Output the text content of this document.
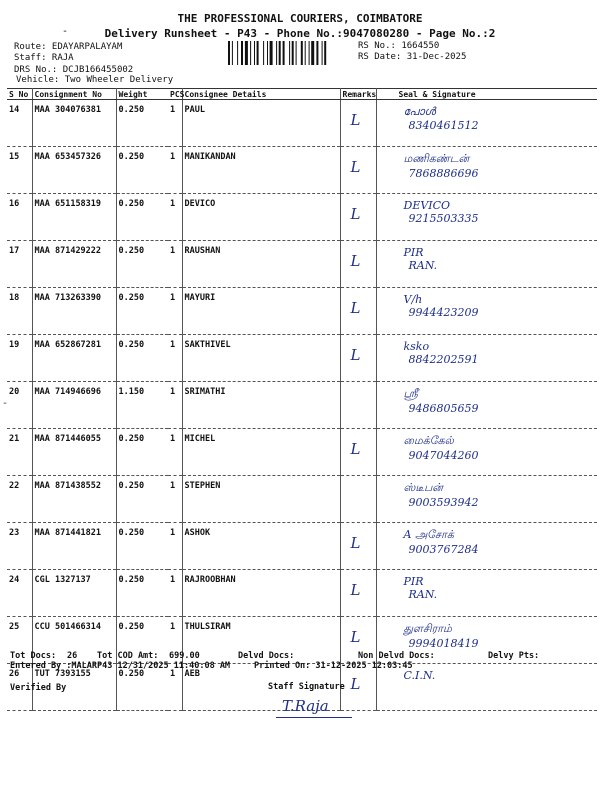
THE PROFESSIONAL COURIERS, COIMBATORE
Delivery Runsheet - P43 - Phone No.:9047080280 - Page No.:2
-
Route: EDAYARPALAYAM
Staff: RAJA
DRS No.: DCJB166455002
Vehicle: Two Wheeler Delivery
RS No.: 1664550
RS Date: 31-Dec-2025
S No	Consignment No	Weight	PCS	Consignee Details	Remarks	Seal & Signature
14	MAA 304076381	0.250	1	PAUL	L	പോൾ
8340461512

15	MAA 653457326	0.250	1	MANIKANDAN	L	மணிகண்டன்
7868886696

16	MAA 651158319	0.250	1	DEVICO	L	DEVICO
9215503335

17	MAA 871429222	0.250	1	RAUSHAN	L	PIR
RAN.

18	MAA 713263390	0.250	1	MAYURI	L	V/h
9944423209

19	MAA 652867281	0.250	1	SAKTHIVEL	L	ksko
8842202591

20	MAA 714946696	1.150	1	SRIMATHI		ஸ்ரீ
9486805659

21	MAA 871446055	0.250	1	MICHEL	L	மைக்கேல்
9047044260

22	MAA 871438552	0.250	1	STEPHEN		ஸ்டீபன்
9003593942

23	MAA 871441821	0.250	1	ASHOK	L	A அசோக்
9003767284

24	CGL 1327137	0.250	1	RAJROOBHAN	L	PIR
RAN.

25	CCU 501466314	0.250	1	THULSIRAM	L	துளசிராம்
9994018419

26	TUT 7393155	0.250	1	AEB	L	C.I.N.
-
Tot Docs: 26 Tot COD Amt: 699.00	Delvd Docs:	Non Delvd Docs:	Delvy Pts:
Entered By :MALARP43 12/31/2025 11:40:08 AM	Printed On: 31-12-2025 12:03:45
Verified By	Staff Signature
T.Raja
